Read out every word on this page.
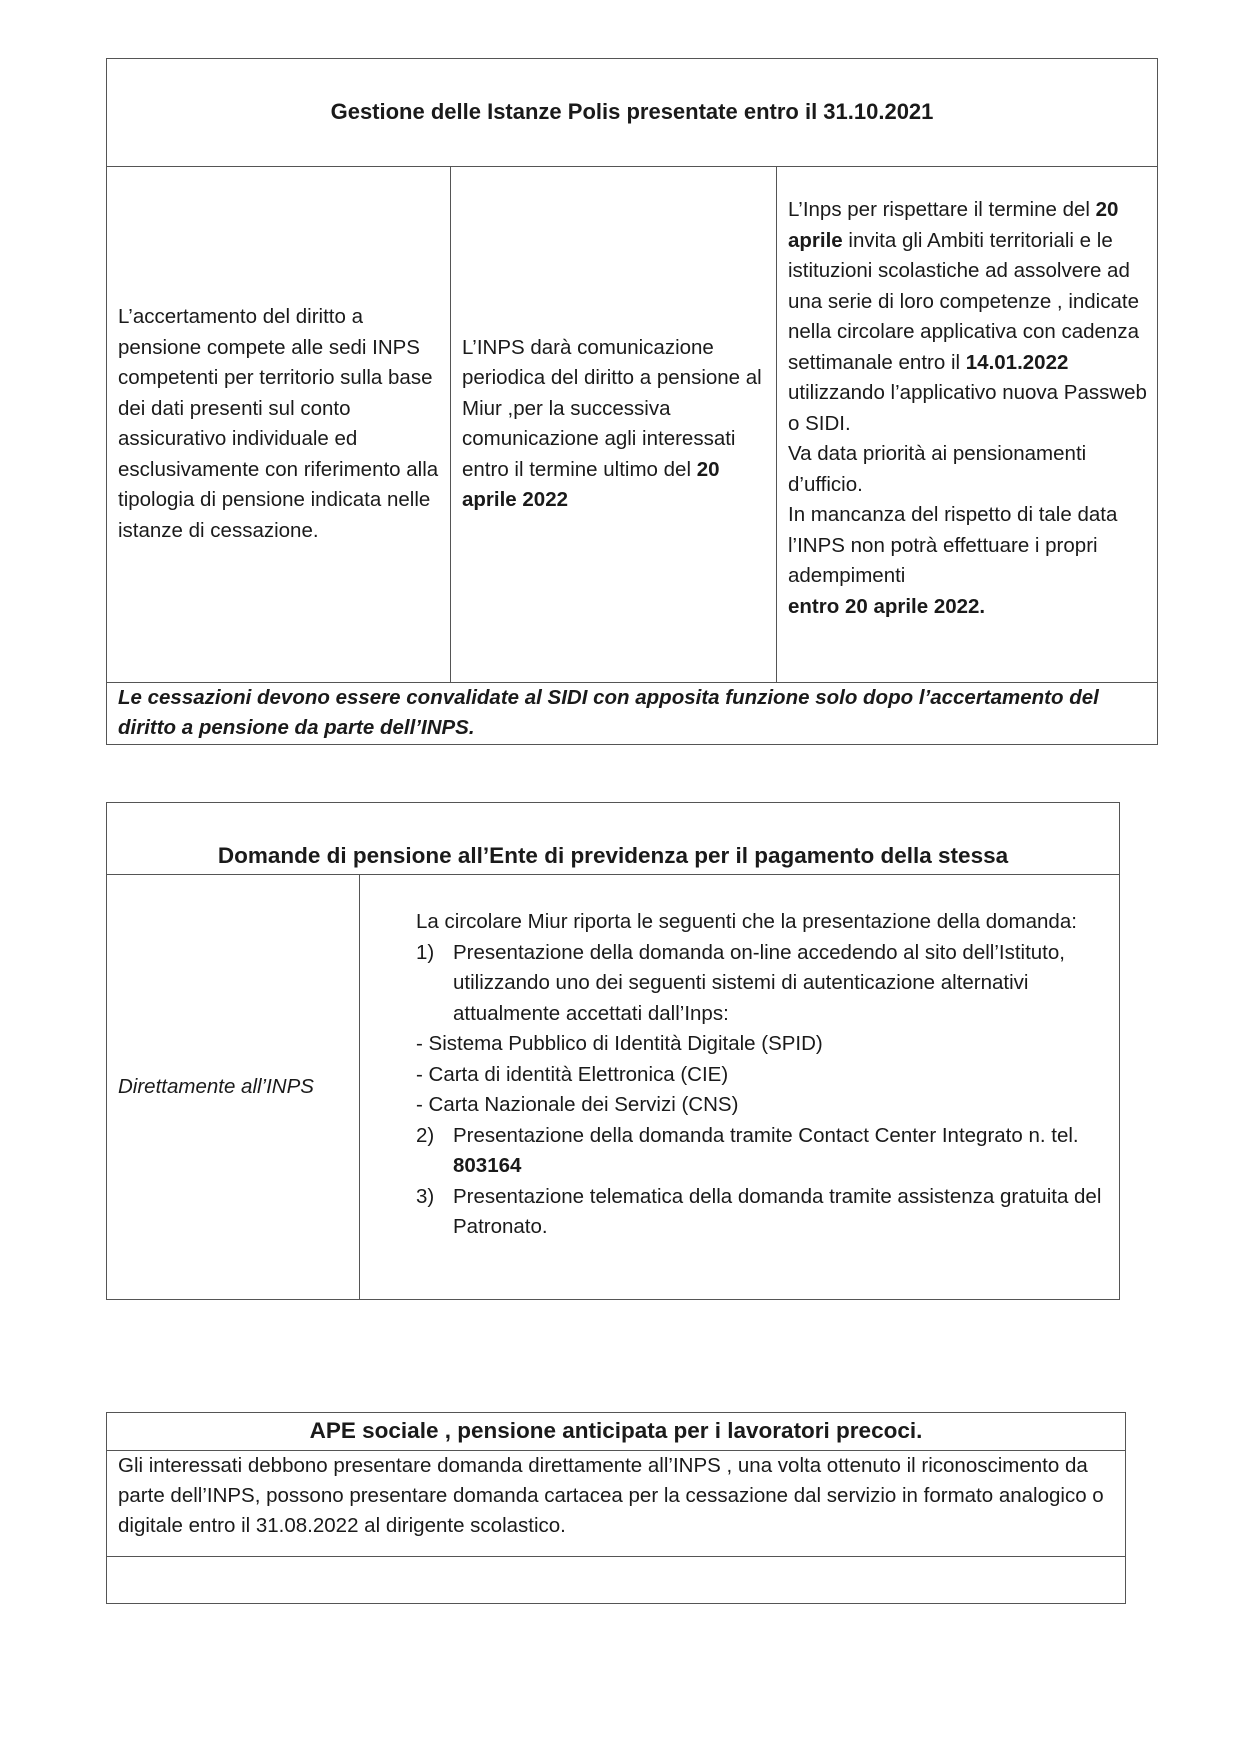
Gestione delle Istanze Polis presentate entro il 31.10.2021

L’accertamento del diritto a pensione compete alle sedi INPS competenti per territorio sulla base dei dati presenti sul conto assicurativo individuale ed esclusivamente con riferimento alla tipologia di pensione indicata nelle istanze di cessazione.

L’INPS darà comunicazione periodica del diritto a pensione al Miur ,per la successiva comunicazione agli interessati entro il termine ultimo del 20 aprile 2022

L’Inps per rispettare il termine del 20 aprile invita gli Ambiti territoriali e le istituzioni scolastiche ad assolvere ad una serie di loro competenze , indicate nella circolare applicativa con cadenza settimanale entro il 14.01.2022 utilizzando l’applicativo nuova Passweb o SIDI.

Va data priorità ai pensionamenti d’ufficio.

In mancanza del rispetto di tale data l’INPS non potrà effettuare i propri adempimenti

entro 20 aprile 2022.

Le cessazioni devono essere convalidate al SIDI con apposita funzione solo dopo l’accertamento del diritto a pensione da parte dell’INPS.
Domande di pensione all’Ente di previdenza per il pagamento della stessa
Direttamente all’INPS

La circolare Miur riporta le seguenti che la presentazione della domanda:

1) Presentazione della domanda on-line accedendo al sito dell’Istituto, utilizzando uno dei seguenti sistemi di autenticazione alternativi attualmente accettati dall’Inps:

- Sistema Pubblico di Identità Digitale (SPID)

- Carta di identità Elettronica (CIE)

- Carta Nazionale dei Servizi (CNS)

2) Presentazione della domanda tramite Contact Center Integrato n. tel. 803164

3) Presentazione telematica della domanda tramite assistenza gratuita del Patronato.

APE sociale , pensione anticipata per i lavoratori precoci.

Gli interessati debbono presentare domanda direttamente all’INPS , una volta ottenuto il riconoscimento da parte dell’INPS, possono presentare domanda cartacea per la cessazione dal servizio in formato analogico o digitale entro il 31.08.2022 al dirigente scolastico.
